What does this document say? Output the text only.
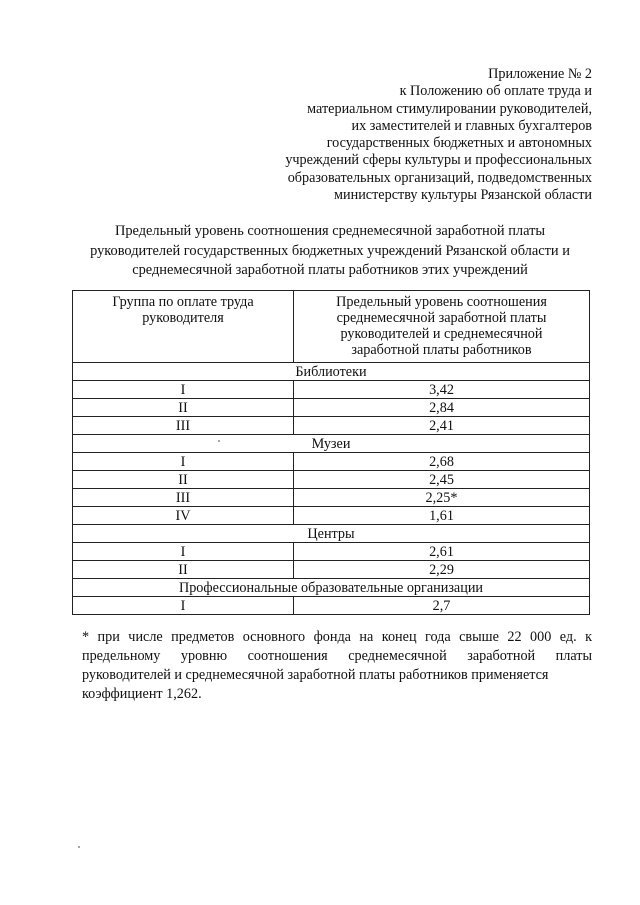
Приложение № 2
к Положению об оплате труда и
материальном стимулировании руководителей,
их заместителей и главных бухгалтеров
государственных бюджетных и автономных
учреждений сферы культуры и профессиональных
образовательных организаций, подведомственных
министерству культуры Рязанской области
Предельный уровень соотношения среднемесячной заработной платы
руководителей государственных бюджетных учреждений Рязанской области и
среднемесячной заработной платы работников этих учреждений
Группа по оплате труда
руководителя	Предельный уровень соотношения
среднемесячной заработной платы
руководителей и среднемесячной
заработной платы работников
Библиотеки	
I	3,42
II	2,84
III	2,41
Музеи	
I	2,68
II	2,45
III	2,25*
IV	1,61
Центры	
I	2,61
II	2,29
Профессиональные образовательные организации	
I	2,7
* при числе предметов основного фонда на конец года свыше 22 000 ед. к
предельному уровню соотношения среднемесячной заработной платы
руководителей и среднемесячной заработной платы работников применяется
коэффициент 1,262.
